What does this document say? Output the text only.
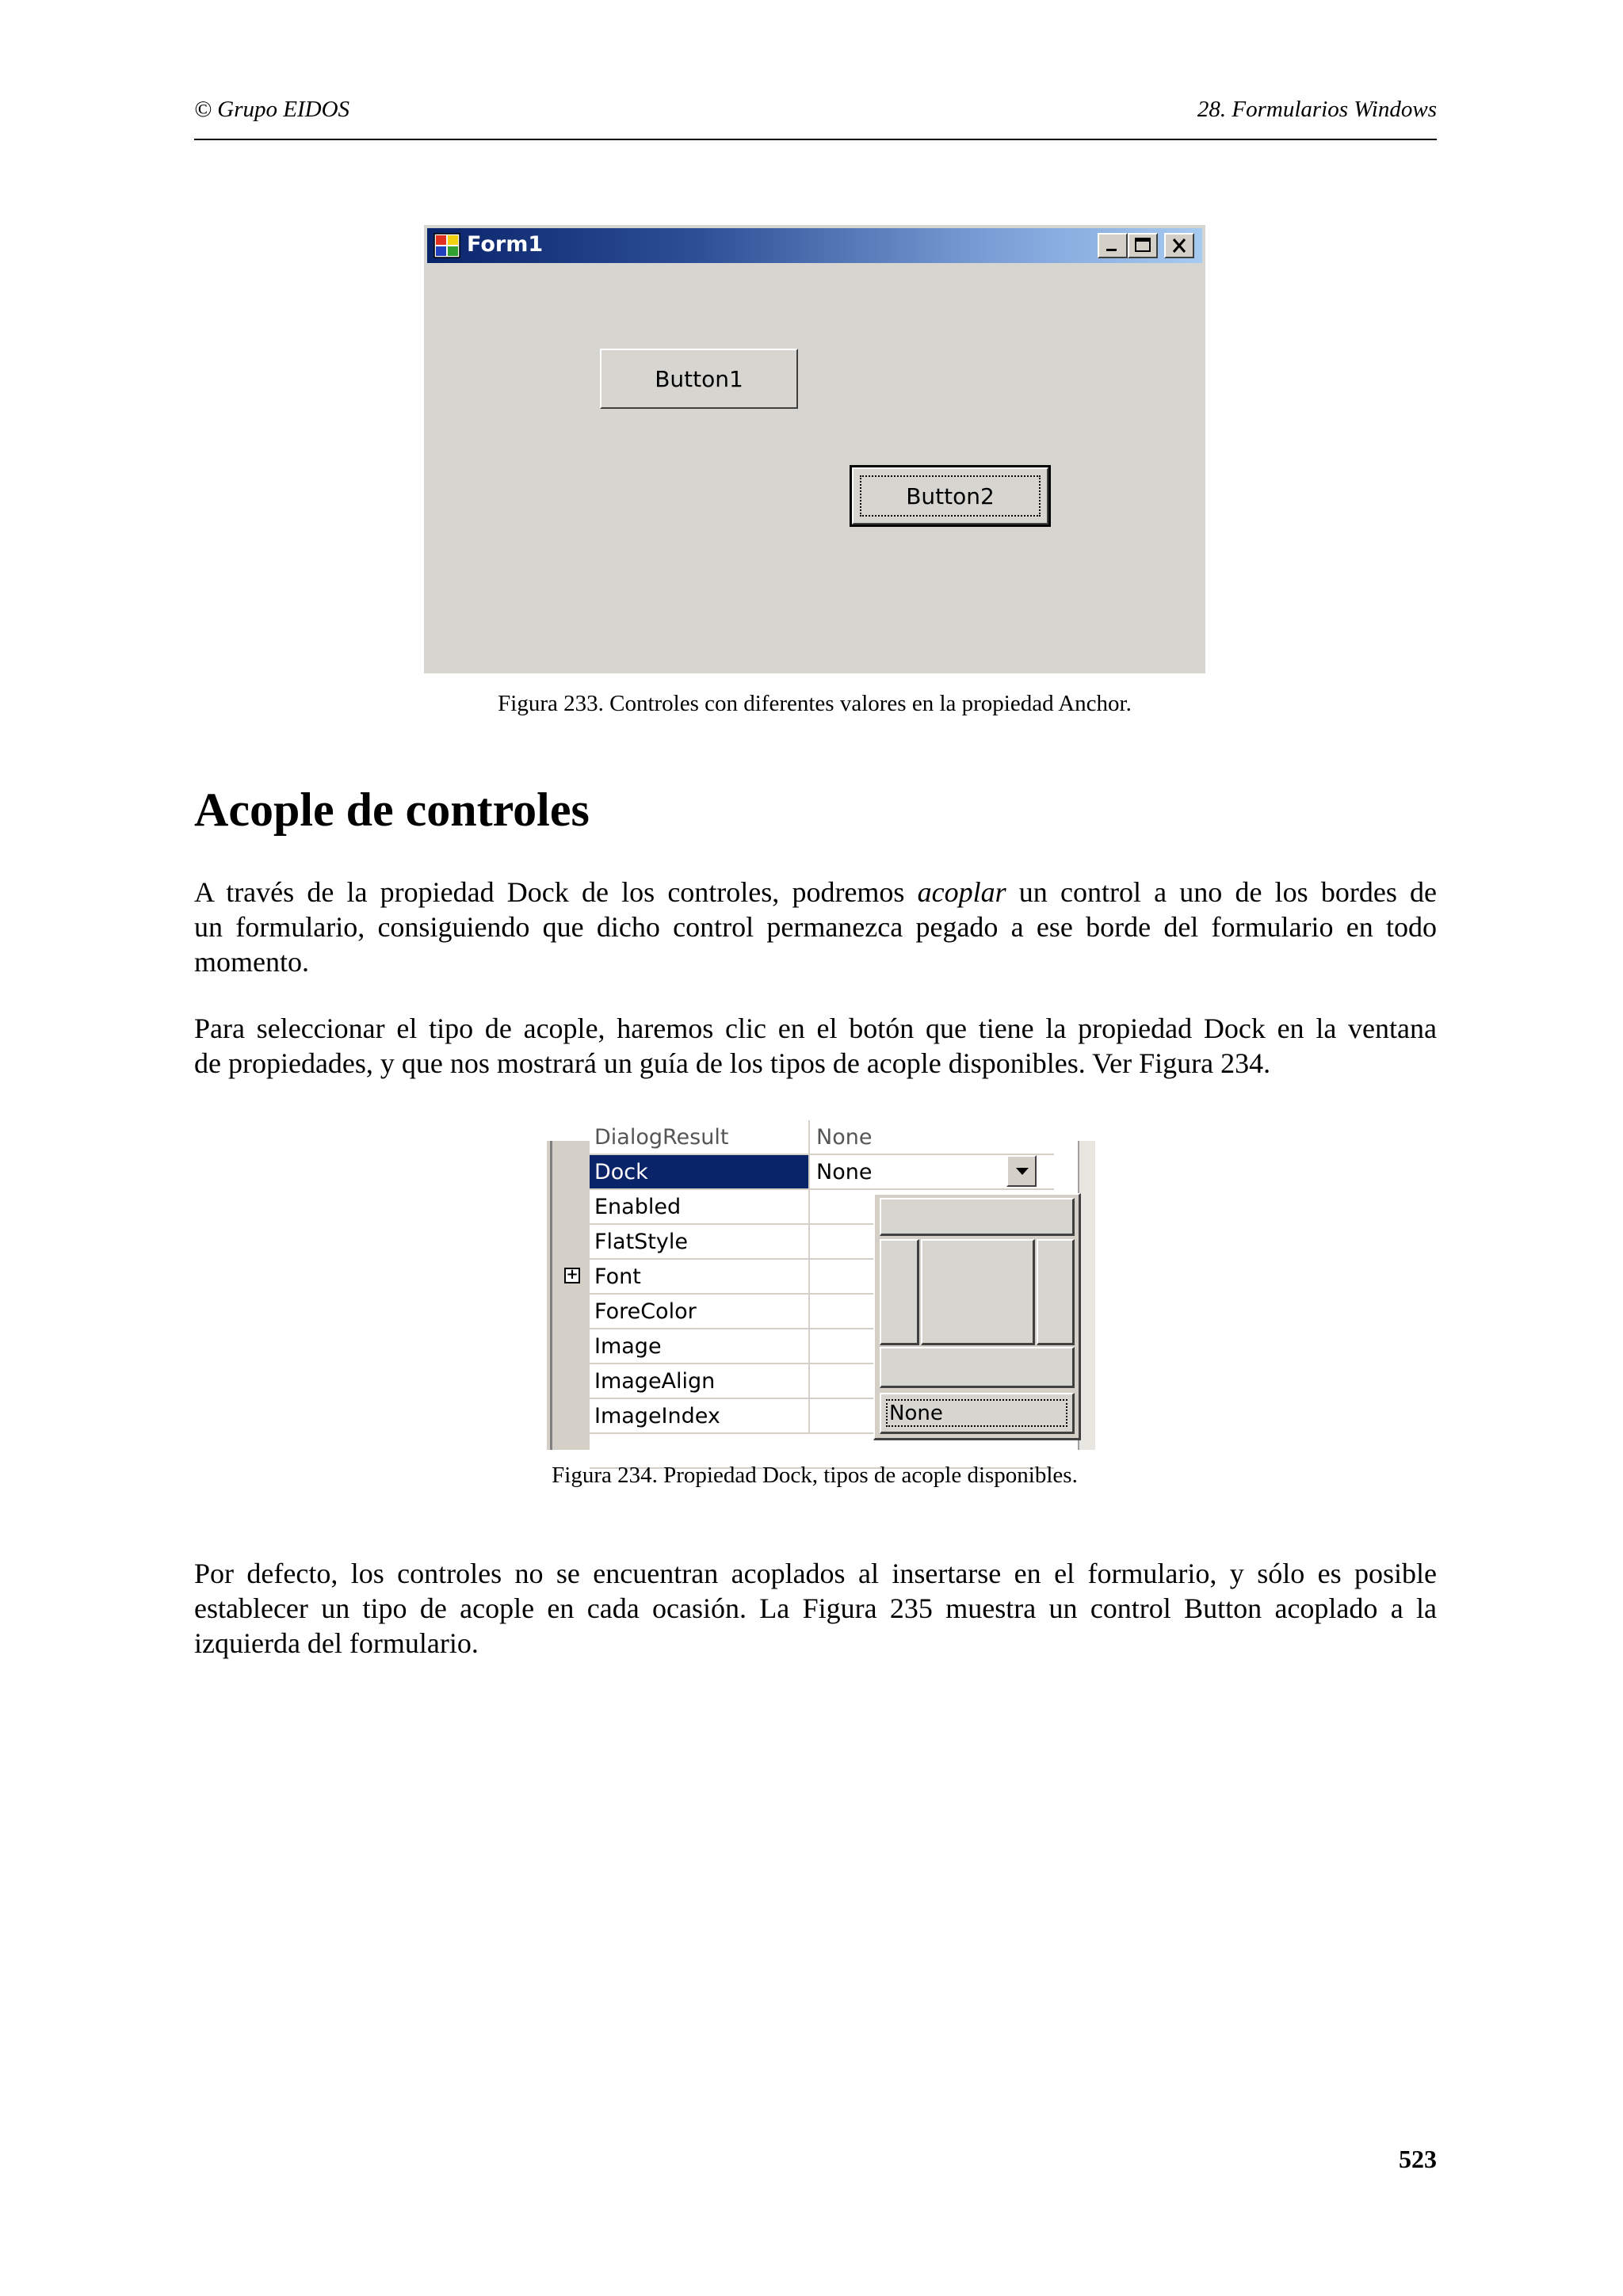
© Grupo EIDOS	28. Formularios Windows
Form1
Button1
Button2
Figura 233. Controles con diferentes valores en la propiedad Anchor.
Acople de controles
A través de la propiedad Dock de los controles, podremos acoplar un control a uno de los bordes de
un formulario, consiguiendo que dicho control permanezca pegado a ese borde del formulario en todo
momento.
Para seleccionar el tipo de acople, haremos clic en el botón que tiene la propiedad Dock en la ventana
de propiedades, y que nos mostrará un guía de los tipos de acople disponibles. Ver Figura 234.
DialogResult	None
Dock	None
Enabled
FlatStyle
Font
ForeColor
Image
ImageAlign
ImageIndex
+
None
Figura 234. Propiedad Dock, tipos de acople disponibles.
Por defecto, los controles no se encuentran acoplados al insertarse en el formulario, y sólo es posible
establecer un tipo de acople en cada ocasión. La Figura 235 muestra un control Button acoplado a la
izquierda del formulario.
523
